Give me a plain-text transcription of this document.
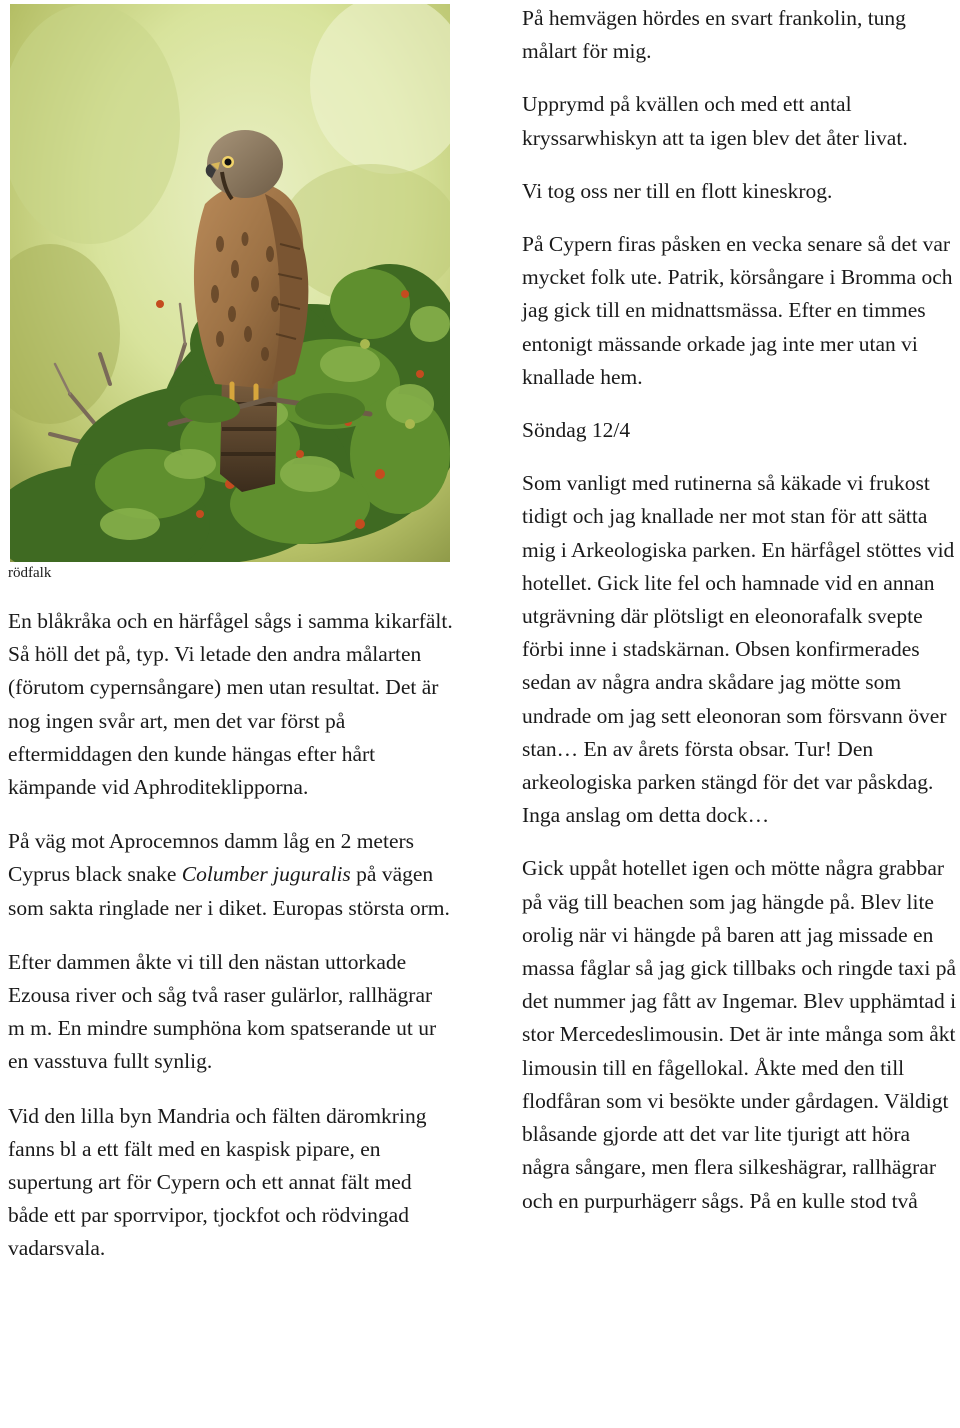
rödfalk

En blåkråka och en härfågel sågs i samma kikarfält. Så höll det på, typ. Vi letade den andra målarten (förutom cypernsångare) men utan resultat. Det är nog ingen svår art, men det var först på eftermiddagen den kunde hängas efter hårt kämpande vid Aphroditeklipporna.

På väg mot Aprocemnos damm låg en 2 meters Cyprus black snake Columber juguralis på vägen som sakta ringlade ner i diket. Europas största orm.

Efter dammen åkte vi till den nästan uttorkade Ezousa river och såg två raser gulärlor, rallhägrar m m. En mindre sumphöna kom spatserande ut ur en vasstuva fullt synlig.

Vid den lilla byn Mandria och fälten däromkring fanns bl a ett fält med en kaspisk pipare, en supertung art för Cypern och ett annat fält med både ett par sporrvipor, tjockfot och rödvingad vadarsvala.

På hemvägen hördes en svart frankolin, tung målart för mig.

Upprymd på kvällen och med ett antal kryssarwhiskyn att ta igen blev det åter livat.

Vi tog oss ner till en flott kineskrog.

På Cypern firas påsken en vecka senare så det var mycket folk ute. Patrik, körsångare i Bromma och jag gick till en midnattsmässa. Efter en timmes entonigt mässande orkade jag inte mer utan vi knallade hem.

Söndag 12/4

Som vanligt med rutinerna så käkade vi frukost tidigt och jag knallade ner mot stan för att sätta mig i Arkeologiska parken. En härfågel stöttes vid hotellet. Gick lite fel och hamnade vid en annan utgrävning där plötsligt en eleonorafalk svepte förbi inne i stadskärnan. Obsen konfirmerades sedan av några andra skådare jag mötte som undrade om jag sett eleonoran som försvann över stan… En av årets första obsar. Tur! Den arkeologiska parken stängd för det var påskdag. Inga anslag om detta dock…

Gick uppåt hotellet igen och mötte några grabbar på väg till beachen som jag hängde på. Blev lite orolig när vi hängde på baren att jag missade en massa fåglar så jag gick tillbaks och ringde taxi på det nummer jag fått av Ingemar. Blev upphämtad i stor Mercedeslimousin. Det är inte många som åkt limousin till en fågellokal. Åkte med den till flodfåran som vi besökte under gårdagen. Väldigt blåsande gjorde att det var lite tjurigt att höra några sångare, men flera silkeshägrar, rallhägrar och en purpurhägerr sågs. På en kulle stod två
